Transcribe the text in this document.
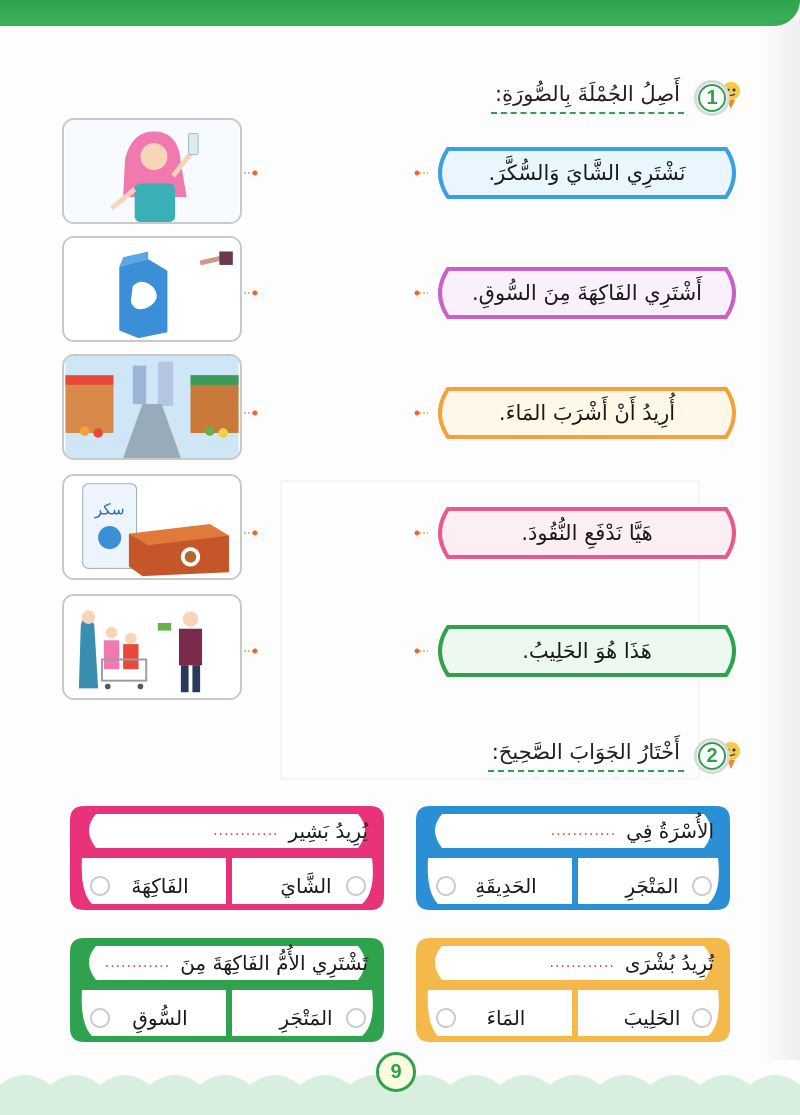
1
أَصِلُ الجُمْلَةَ بِالصُّورَةِ:
نَشْتَرِي الشَّايَ وَالسُّكَّرَ.
أَشْتَرِي الفَاكِهَةَ مِنَ السُّوقِ.
أُرِيدُ أَنْ أَشْرَبَ المَاءَ.
هَيَّا نَدْفَعِ النُّقُودَ.
هَذَا هُوَ الحَلِيبُ.
سكر
2
أَخْتَارُ الجَوَابَ الصَّحِيحَ:
الأُسْرَةُ فِي
............
المَتْجَرِ
الحَدِيقَةِ
يُرِيدُ بَشِير
............
الشَّايَ
الفَاكِهَةَ
تُرِيدُ بُشْرَى
............
الحَلِيبَ
المَاءَ
تَشْتَرِي الأُمُّ الفَاكِهَةَ مِنَ
............
المَتْجَرِ
السُّوقِ
9
